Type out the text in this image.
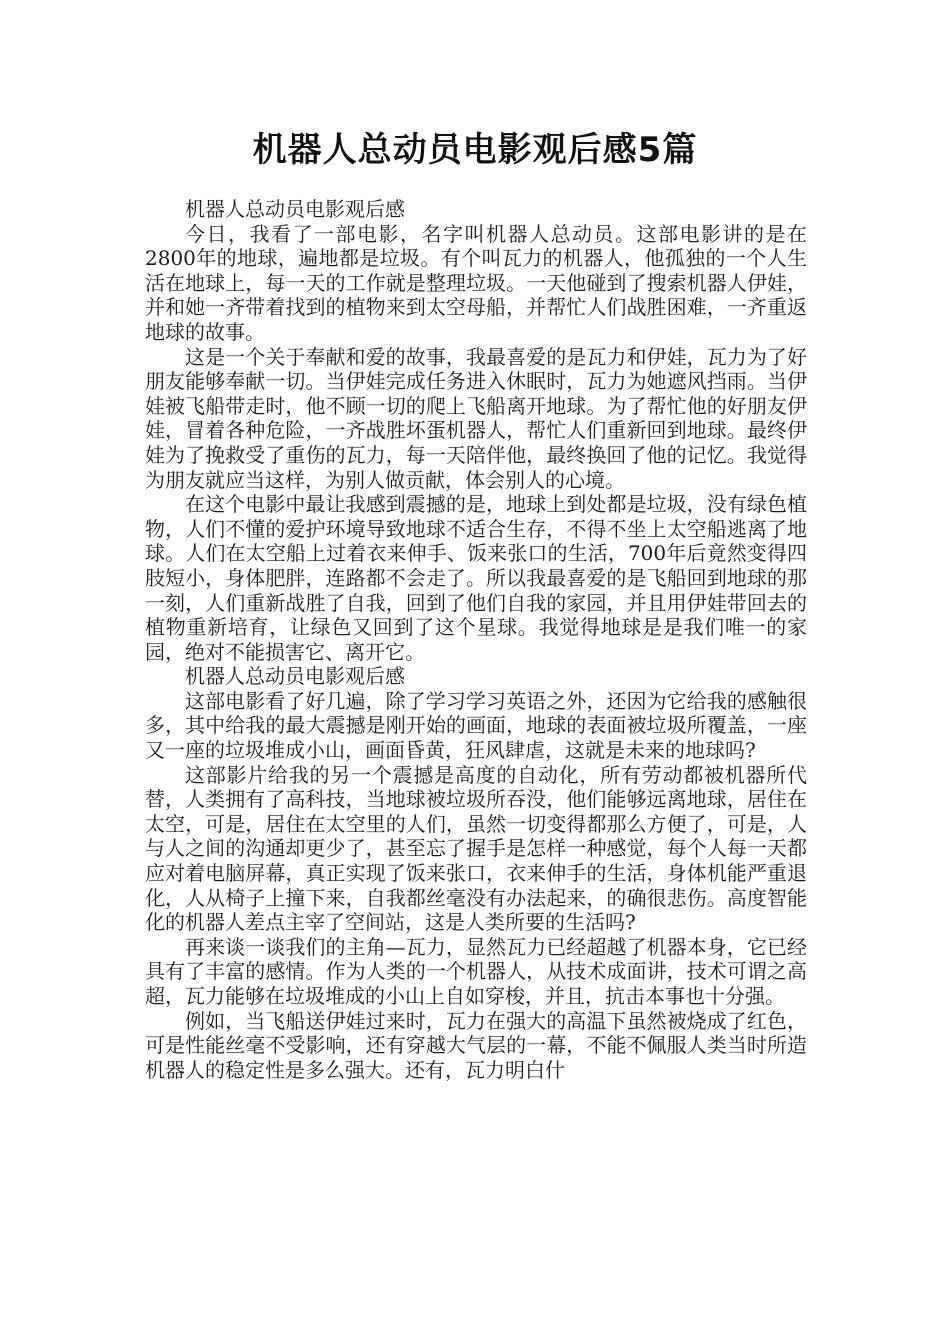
机器人总动员电影观后感5篇

机器人总动员电影观后感

今日，我看了一部电影，名字叫机器人总动员。这部电影讲的是在2800年的地球，遍地都是垃圾。有个叫瓦力的机器人，他孤独的一个人生活在地球上，每一天的工作就是整理垃圾。一天他碰到了搜索机器人伊娃，并和她一齐带着找到的植物来到太空母船，并帮忙人们战胜困难，一齐重返地球的故事。

这是一个关于奉献和爱的故事，我最喜爱的是瓦力和伊娃，瓦力为了好朋友能够奉献一切。当伊娃完成任务进入休眠时，瓦力为她遮风挡雨。当伊娃被飞船带走时，他不顾一切的爬上飞船离开地球。为了帮忙他的好朋友伊娃，冒着各种危险，一齐战胜坏蛋机器人，帮忙人们重新回到地球。最终伊娃为了挽救受了重伤的瓦力，每一天陪伴他，最终换回了他的记忆。我觉得为朋友就应当这样，为别人做贡献，体会别人的心境。

在这个电影中最让我感到震撼的是，地球上到处都是垃圾，没有绿色植物，人们不懂的爱护环境导致地球不适合生存，不得不坐上太空船逃离了地球。人们在太空船上过着衣来伸手、饭来张口的生活，700年后竟然变得四肢短小，身体肥胖，连路都不会走了。所以我最喜爱的是飞船回到地球的那一刻，人们重新战胜了自我，回到了他们自我的家园，并且用伊娃带回去的植物重新培育，让绿色又回到了这个星球。我觉得地球是是我们唯一的家园，绝对不能损害它、离开它。

机器人总动员电影观后感

这部电影看了好几遍，除了学习学习英语之外，还因为它给我的感触很多，其中给我的最大震撼是刚开始的画面，地球的表面被垃圾所覆盖，一座又一座的垃圾堆成小山，画面昏黄，狂风肆虐，这就是未来的地球吗?

这部影片给我的另一个震撼是高度的自动化，所有劳动都被机器所代替，人类拥有了高科技，当地球被垃圾所吞没，他们能够远离地球，居住在太空，可是，居住在太空里的人们，虽然一切变得都那么方便了，可是，人与人之间的沟通却更少了，甚至忘了握手是怎样一种感觉，每个人每一天都应对着电脑屏幕，真正实现了饭来张口，衣来伸手的生活，身体机能严重退化，人从椅子上撞下来，自我都丝毫没有办法起来，的确很悲伤。高度智能化的机器人差点主宰了空间站，这是人类所要的生活吗?

再来谈一谈我们的主角—瓦力，显然瓦力已经超越了机器本身，它已经具有了丰富的感情。作为人类的一个机器人，从技术成面讲，技术可谓之高超，瓦力能够在垃圾堆成的小山上自如穿梭，并且，抗击本事也十分强。

例如，当飞船送伊娃过来时，瓦力在强大的高温下虽然被烧成了红色，可是性能丝毫不受影响，还有穿越大气层的一幕，不能不佩服人类当时所造机器人的稳定性是多么强大。还有，瓦力明白什
